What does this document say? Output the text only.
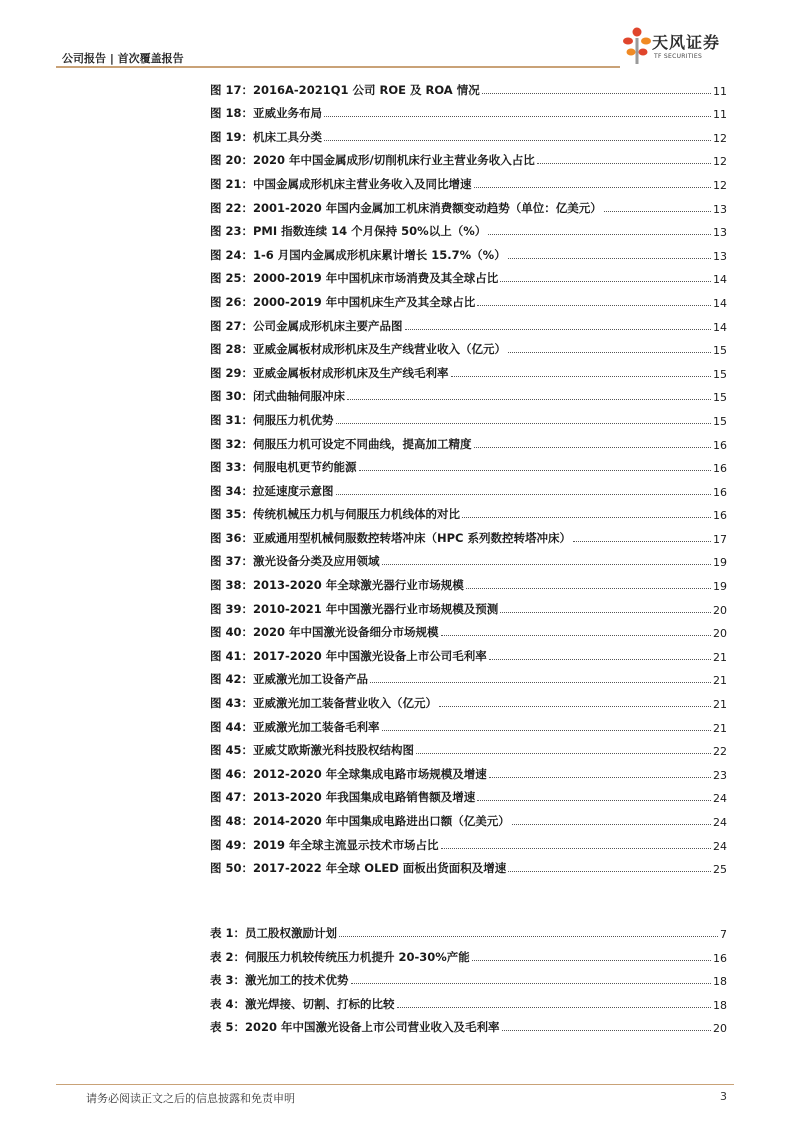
公司报告 | 首次覆盖报告
天风证券
TF SECURITIES
图 17：2016A-2021Q1 公司 ROE 及 ROA 情况	11
图 18：亚威业务布局	11
图 19：机床工具分类	12
图 20：2020 年中国金属成形/切削机床行业主营业务收入占比	12
图 21：中国金属成形机床主营业务收入及同比增速	12
图 22：2001-2020 年国内金属加工机床消费额变动趋势（单位：亿美元）	13
图 23：PMI 指数连续 14 个月保持 50%以上（%）	13
图 24：1-6 月国内金属成形机床累计增长 15.7%（%）	13
图 25：2000-2019 年中国机床市场消费及其全球占比	14
图 26：2000-2019 年中国机床生产及其全球占比	14
图 27：公司金属成形机床主要产品图	14
图 28：亚威金属板材成形机床及生产线营业收入（亿元）	15
图 29：亚威金属板材成形机床及生产线毛利率	15
图 30：闭式曲轴伺服冲床	15
图 31：伺服压力机优势	15
图 32：伺服压力机可设定不同曲线，提高加工精度	16
图 33：伺服电机更节约能源	16
图 34：拉延速度示意图	16
图 35：传统机械压力机与伺服压力机线体的对比	16
图 36：亚威通用型机械伺服数控转塔冲床（HPC 系列数控转塔冲床）	17
图 37：激光设备分类及应用领域	19
图 38：2013-2020 年全球激光器行业市场规模	19
图 39：2010-2021 年中国激光器行业市场规模及预测	20
图 40：2020 年中国激光设备细分市场规模	20
图 41：2017-2020 年中国激光设备上市公司毛利率	21
图 42：亚威激光加工设备产品	21
图 43：亚威激光加工装备营业收入（亿元）	21
图 44：亚威激光加工装备毛利率	21
图 45：亚威艾欧斯激光科技股权结构图	22
图 46：2012-2020 年全球集成电路市场规模及增速	23
图 47：2013-2020 年我国集成电路销售额及增速	24
图 48：2014-2020 年中国集成电路进出口额（亿美元）	24
图 49：2019 年全球主流显示技术市场占比	24
图 50：2017-2022 年全球 OLED 面板出货面积及增速	25
表 1：员工股权激励计划	7
表 2：伺服压力机较传统压力机提升 20-30%产能	16
表 3：激光加工的技术优势	18
表 4：激光焊接、切割、打标的比较	18
表 5：2020 年中国激光设备上市公司营业收入及毛利率	20
请务必阅读正文之后的信息披露和免责申明	3
